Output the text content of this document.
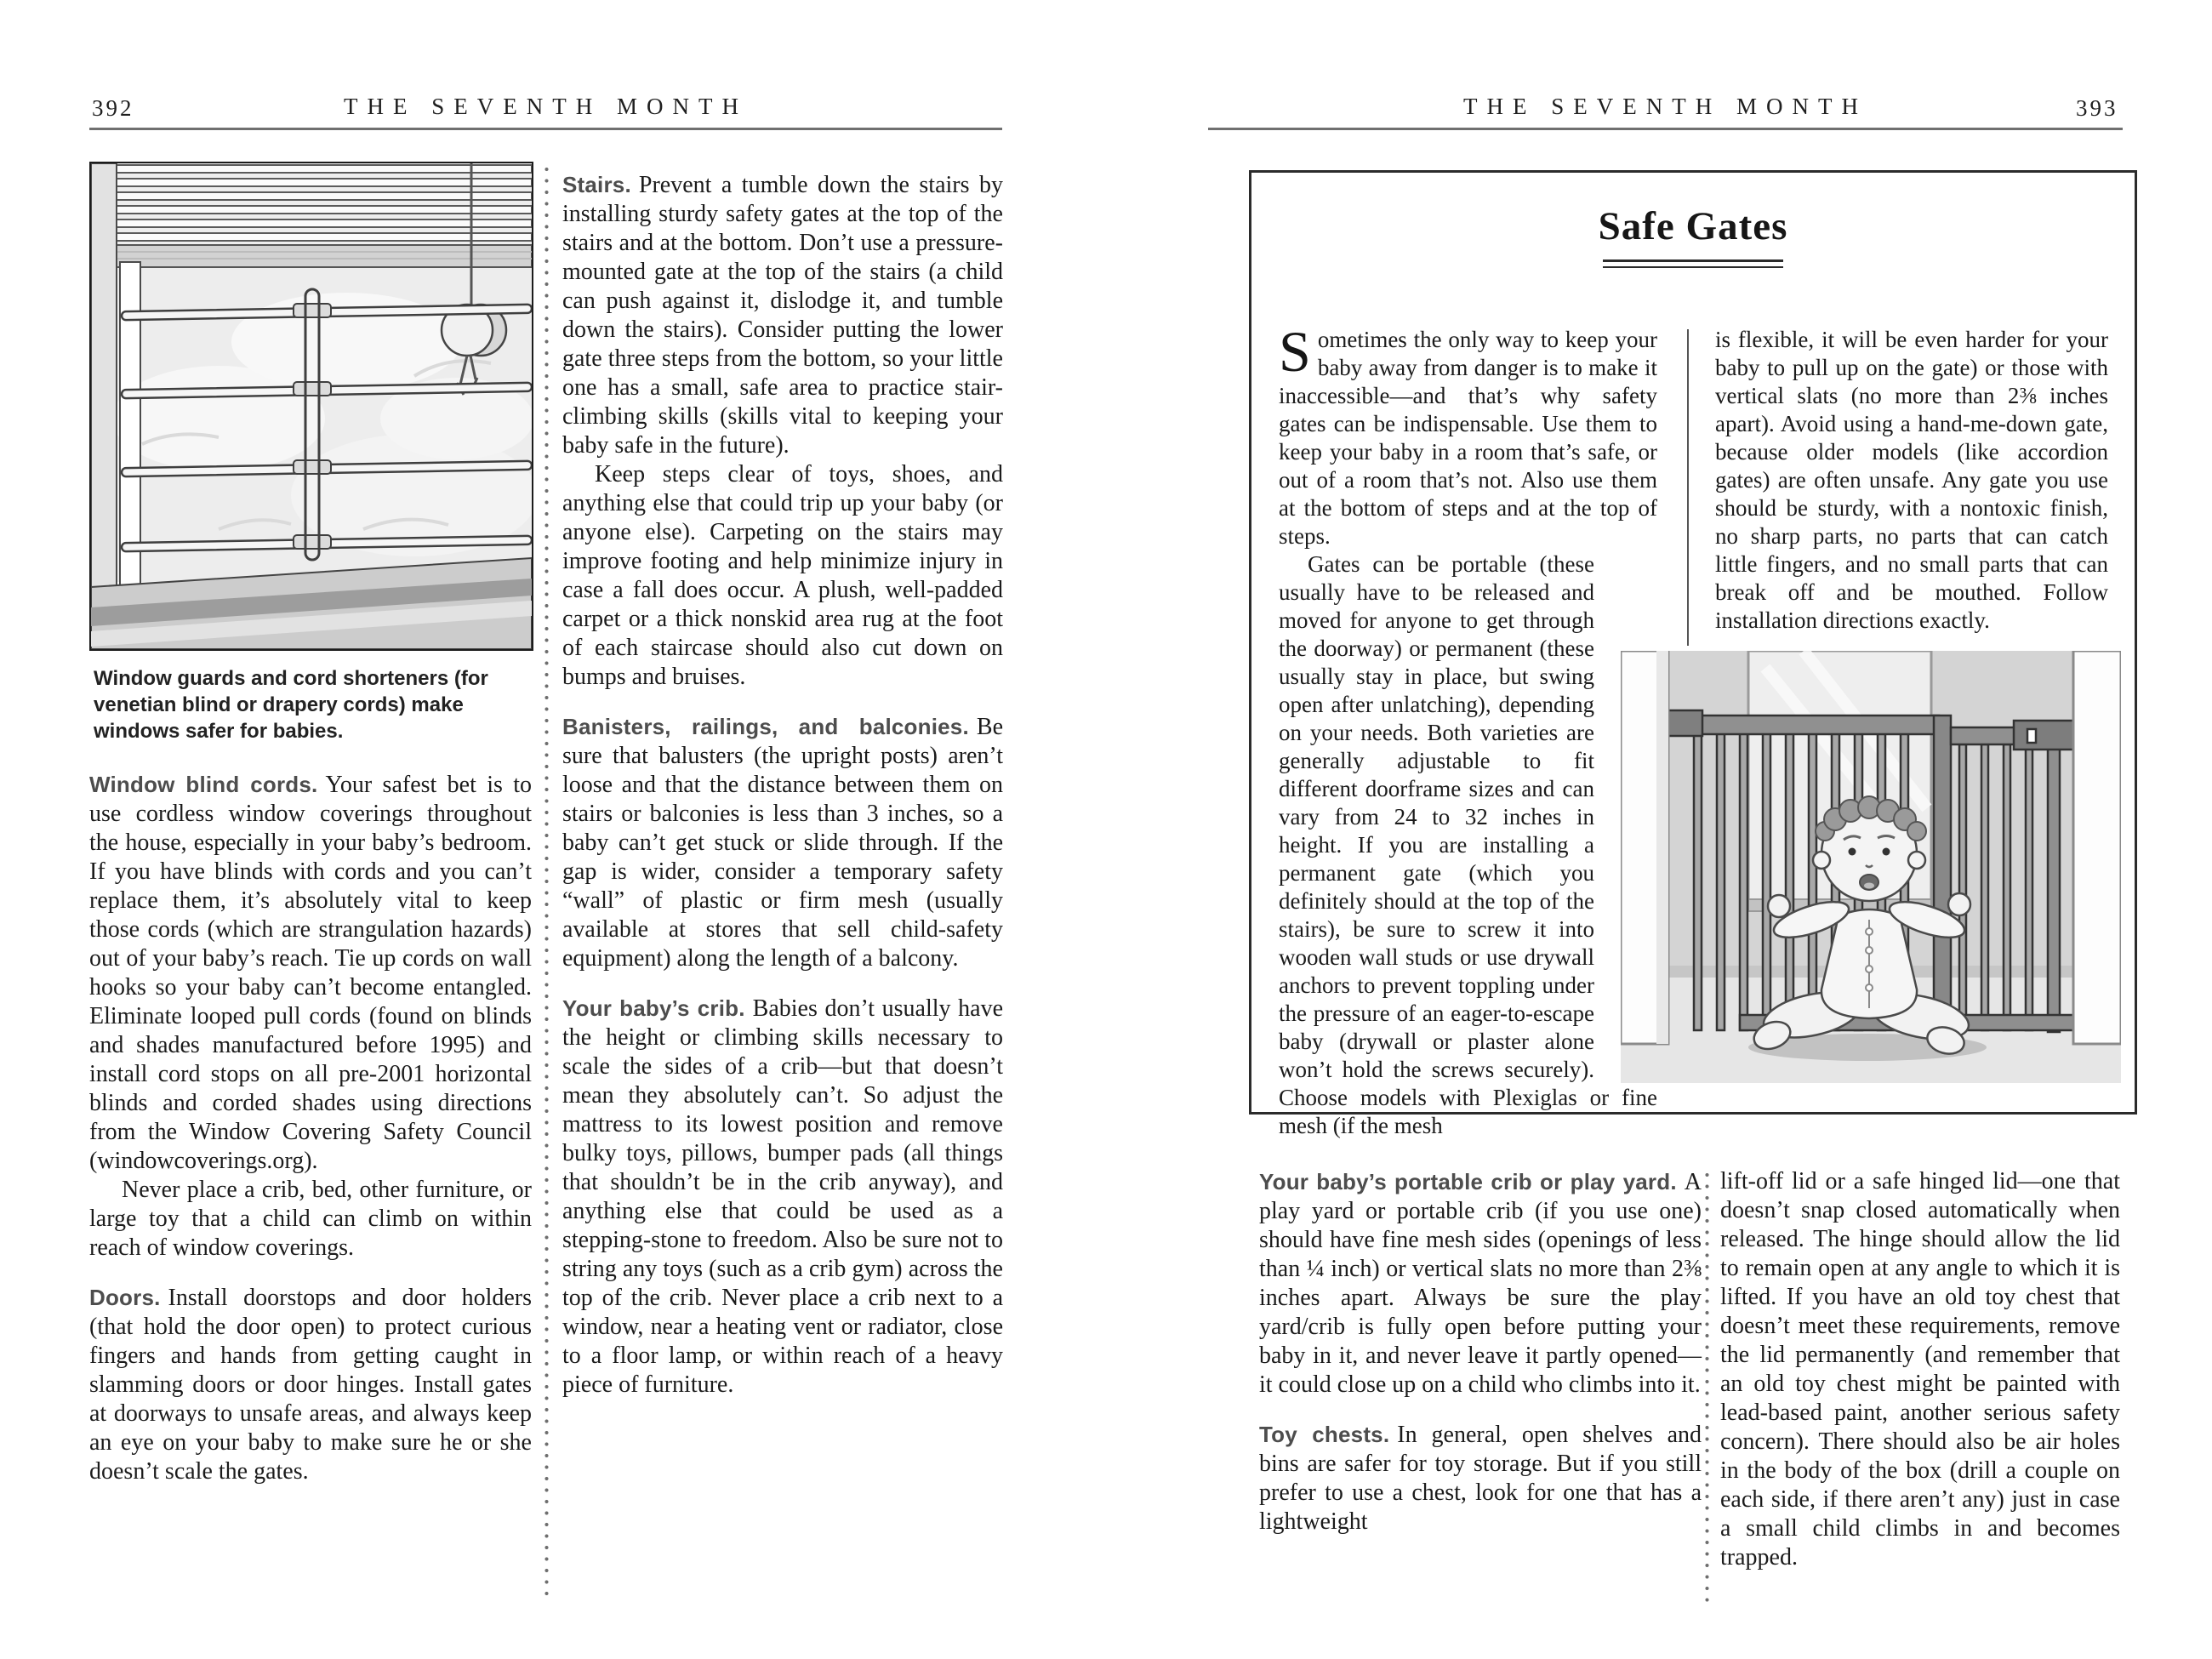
392	THE SEVENTH MONTH
Window guards and cord shorteners (for venetian blind or drapery cords) make windows safer for babies.

Window blind cords. Your safest bet is to use cordless window coverings throughout the house, especially in your baby’s bedroom. If you have blinds with cords and you can’t replace them, it’s absolutely vital to keep those cords (which are strangulation hazards) out of your baby’s reach. Tie up cords on wall hooks so your baby can’t become entangled. Eliminate looped pull cords (found on blinds and shades manufactured before 1995) and install cord stops on all pre-2001 horizontal blinds and corded shades using directions from the Window Covering Safety Council (windowcoverings.org).

Never place a crib, bed, other furniture, or large toy that a child can climb on within reach of window coverings.

Doors. Install doorstops and door holders (that hold the door open) to protect curious fingers and hands from getting caught in slamming doors or door hinges. Install gates at doorways to unsafe areas, and always keep an eye on your baby to make sure he or she doesn’t scale the gates.

Stairs. Prevent a tumble down the stairs by installing sturdy safety gates at the top of the stairs and at the bottom. Don’t use a pressure-mounted gate at the top of the stairs (a child can push against it, dislodge it, and tumble down the stairs). Consider putting the lower gate three steps from the bottom, so your little one has a small, safe area to practice stair-climbing skills (skills vital to keeping your baby safe in the future).

Keep steps clear of toys, shoes, and anything else that could trip up your baby (or anyone else). Carpeting on the stairs may improve footing and help minimize injury in case a fall does occur. A plush, well-padded carpet or a thick nonskid area rug at the foot of each staircase should also cut down on bumps and bruises.

Banisters, railings, and balconies. Be sure that balusters (the upright posts) aren’t loose and that the distance between them on stairs or balconies is less than 3 inches, so a baby can’t get stuck or slide through. If the gap is wider, consider a temporary safety “wall” of plastic or firm mesh (usually available at stores that sell child-safety equipment) along the length of a balcony.

Your baby’s crib. Babies don’t usually have the height or climbing skills necessary to scale the sides of a crib—but that doesn’t mean they absolutely can’t. So adjust the mattress to its lowest position and remove bulky toys, pillows, bumper pads (all things that shouldn’t be in the crib anyway), and anything else that could be used as a stepping-stone to freedom. Also be sure not to string any toys (such as a crib gym) across the top of the crib. Never place a crib next to a window, near a heating vent or radiator, close to a floor lamp, or within reach of a heavy piece of furniture.

THE SEVENTH MONTH	393
Safe Gates

Sometimes the only way to keep your baby away from danger is to make it inaccessible—and that’s why safety gates can be indispensable. Use them to keep your baby in a room that’s safe, or out of a room that’s not. Also use them at the bottom of steps and at the top of steps.

Gates can be portable (these usually have to be released and moved for anyone to get through the doorway) or permanent (these usually stay in place, but swing open after unlatching), depending on your needs. Both varieties are generally adjustable to fit different doorframe sizes and can vary from 24 to 32 inches in height. If you are installing a permanent gate (which you definitely should at the top of the stairs), be sure to screw it into wooden wall studs or use drywall anchors to prevent toppling under the pressure of an eager-to-escape baby (drywall or plaster alone won’t hold the screws securely). Choose models with Plexiglas or fine mesh (if the mesh

is flexible, it will be even harder for your baby to pull up on the gate) or those with vertical slats (no more than 2⅜ inches apart). Avoid using a hand-me-down gate, because older models (like accordion gates) are often unsafe. Any gate you use should be sturdy, with a nontoxic finish, no sharp parts, no parts that can catch little fingers, and no small parts that can break off and be mouthed. Follow installation directions exactly.

Your baby’s portable crib or play yard. A play yard or portable crib (if you use one) should have fine mesh sides (openings of less than ¼ inch) or vertical slats no more than 2⅜ inches apart. Always be sure the play yard/crib is fully open before putting your baby in it, and never leave it partly opened—it could close up on a child who climbs into it.

Toy chests. In general, open shelves and bins are safer for toy storage. But if you still prefer to use a chest, look for one that has a lightweight

lift-off lid or a safe hinged lid—one that doesn’t snap closed automatically when released. The hinge should allow the lid to remain open at any angle to which it is lifted. If you have an old toy chest that doesn’t meet these requirements, remove the lid permanently (and remember that an old toy chest might be painted with lead-based paint, another serious safety concern). There should also be air holes in the body of the box (drill a couple on each side, if there aren’t any) just in case a small child climbs in and becomes trapped.
